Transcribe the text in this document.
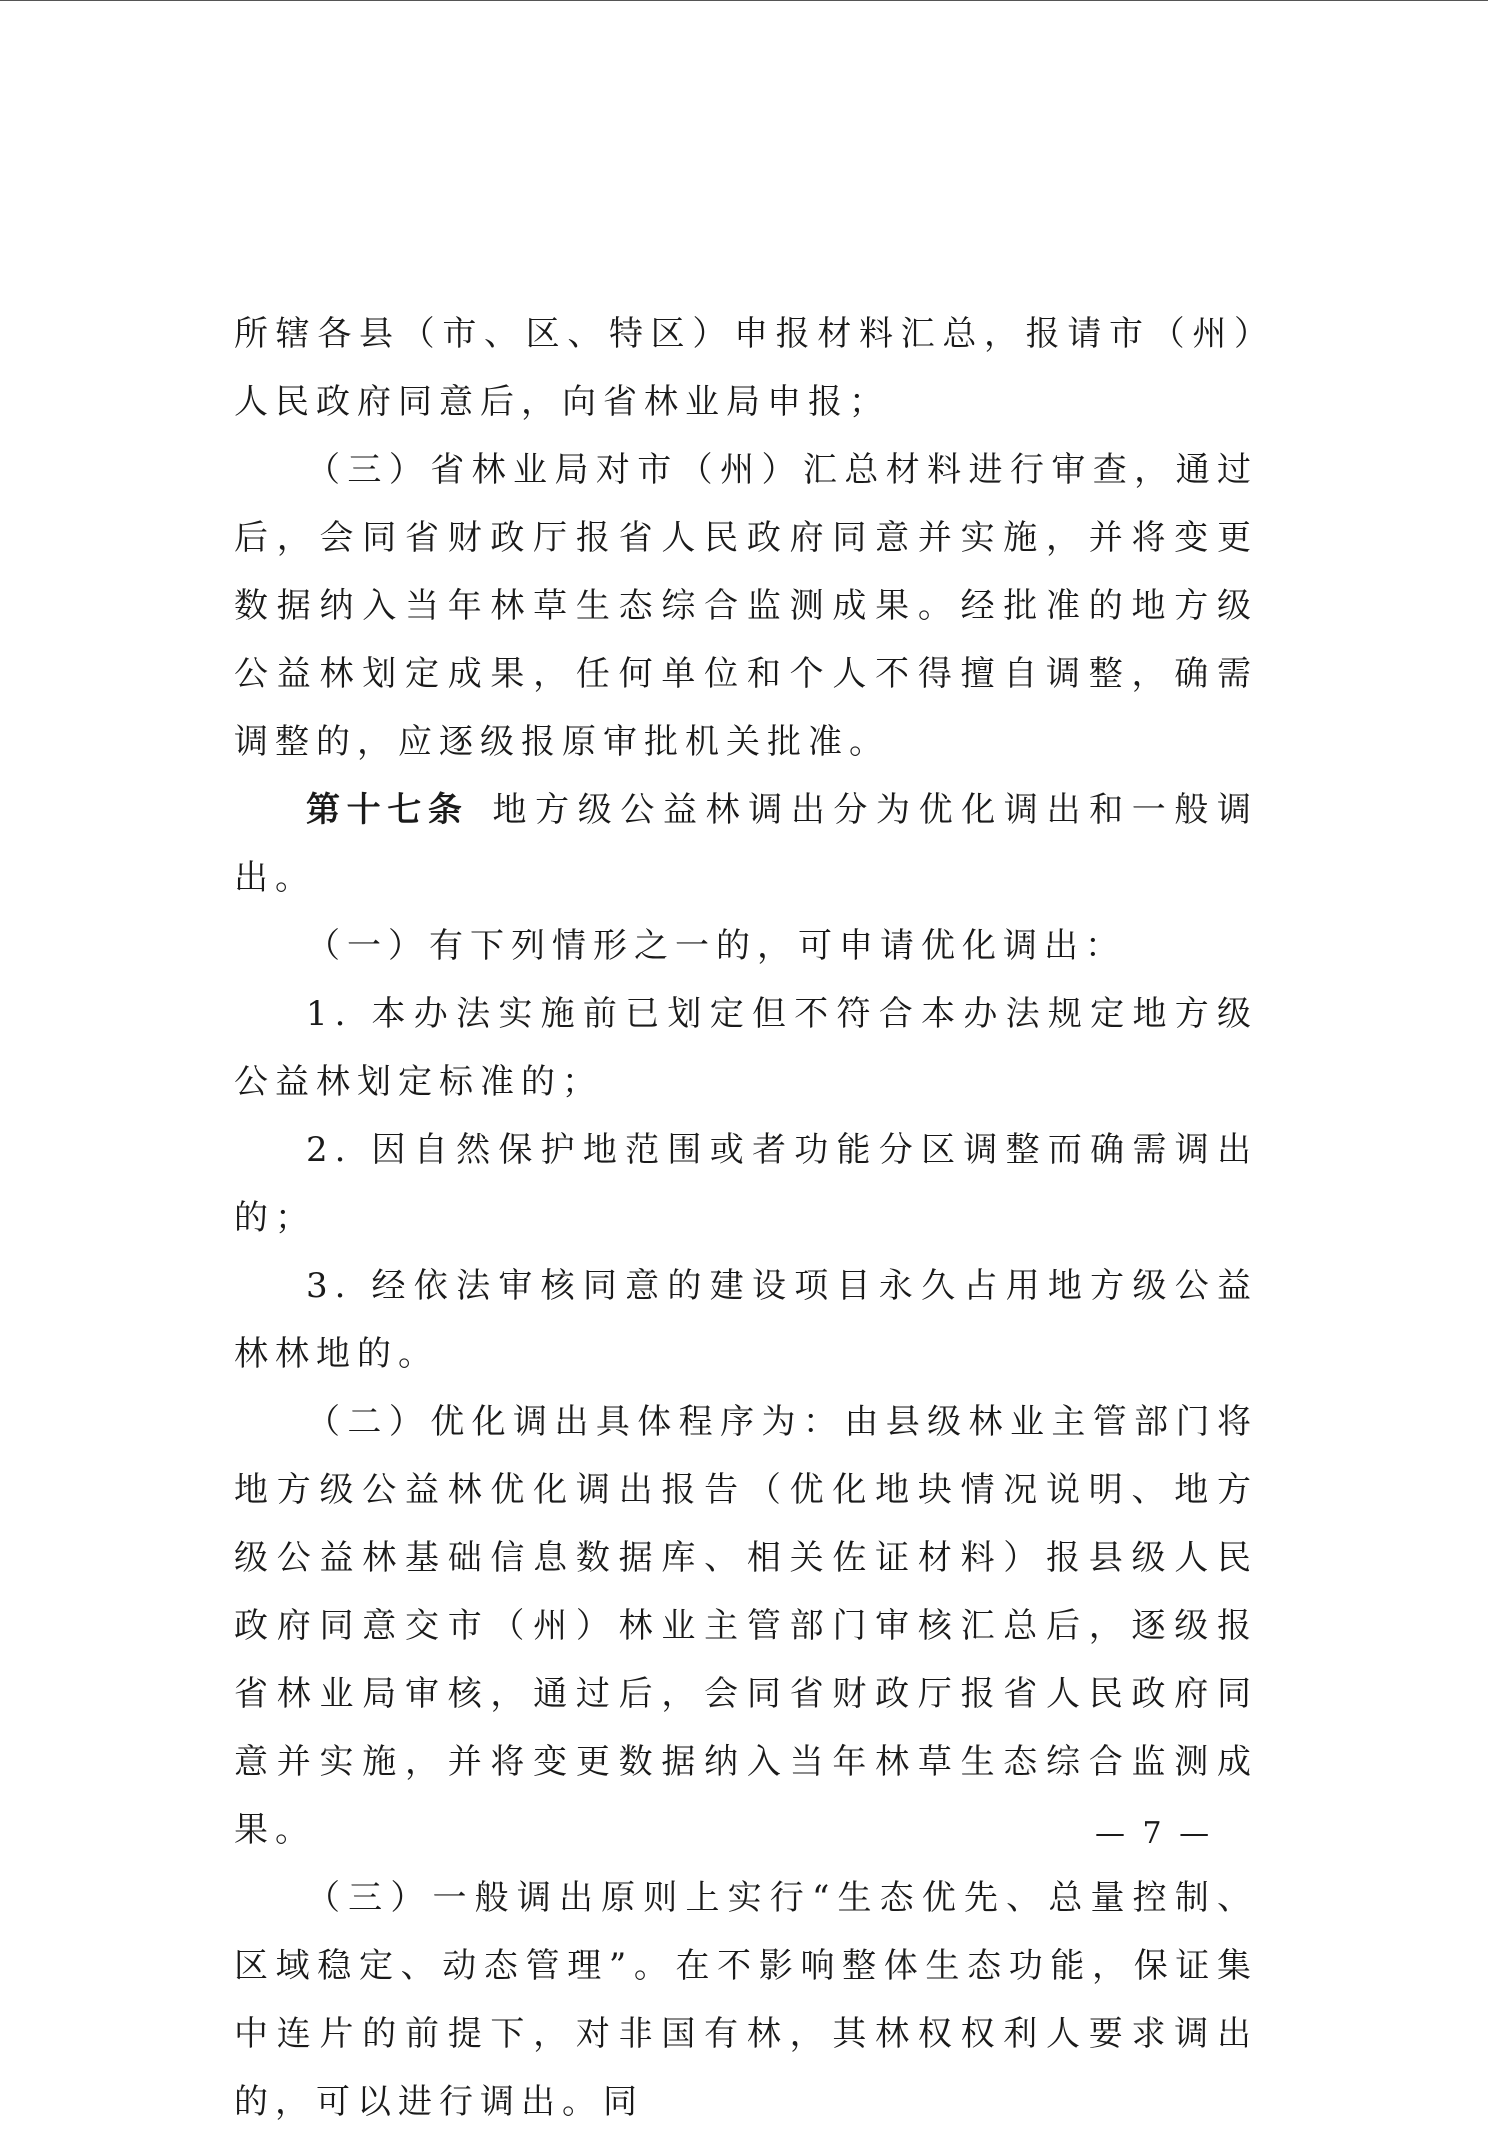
所辖各县（市、区、特区）申报材料汇总，报请市（州）人民政府同意后，向省林业局申报；

（三）省林业局对市（州）汇总材料进行审查，通过后，会同省财政厅报省人民政府同意并实施，并将变更数据纳入当年林草生态综合监测成果。经批准的地方级公益林划定成果，任何单位和个人不得擅自调整，确需调整的，应逐级报原审批机关批准。

第十七条 地方级公益林调出分为优化调出和一般调出。

（一）有下列情形之一的，可申请优化调出：

1. 本办法实施前已划定但不符合本办法规定地方级公益林划定标准的；

2. 因自然保护地范围或者功能分区调整而确需调出的；

3. 经依法审核同意的建设项目永久占用地方级公益林林地的。

（二）优化调出具体程序为：由县级林业主管部门将地方级公益林优化调出报告（优化地块情况说明、地方级公益林基础信息数据库、相关佐证材料）报县级人民政府同意交市（州）林业主管部门审核汇总后，逐级报省林业局审核，通过后，会同省财政厅报省人民政府同意并实施，并将变更数据纳入当年林草生态综合监测成果。

（三）一般调出原则上实行“生态优先、总量控制、区域稳定、动态管理”。在不影响整体生态功能，保证集中连片的前提下，对非国有林，其林权权利人要求调出的，可以进行调出。同

— 7 —
